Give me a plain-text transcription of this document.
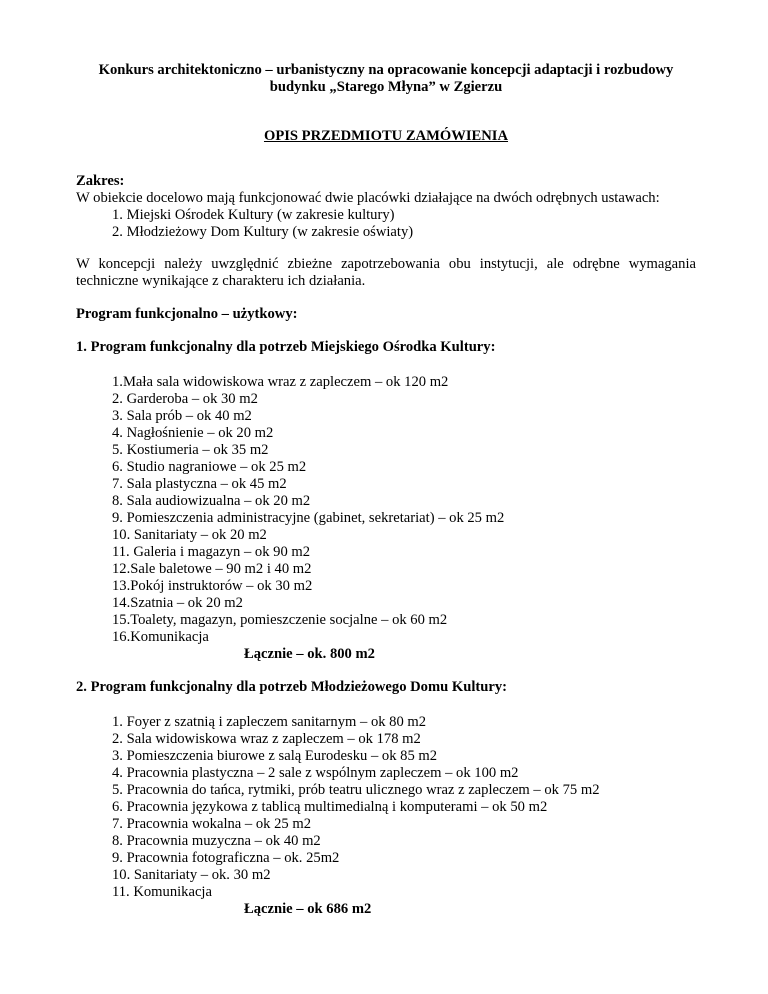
Konkurs architektoniczno – urbanistyczny na opracowanie koncepcji adaptacji i rozbudowy
budynku „Starego Młyna” w Zgierzu

OPIS PRZEDMIOTU ZAMÓWIENIA

Zakres:

W obiekcie docelowo mają funkcjonować dwie placówki działające na dwóch odrębnych ustawach:

1. Miejski Ośrodek Kultury (w zakresie kultury)
2. Młodzieżowy Dom Kultury (w zakresie oświaty)

W koncepcji należy uwzględnić zbieżne zapotrzebowania obu instytucji, ale odrębne wymagania techniczne wynikające z charakteru ich działania.

Program funkcjonalno – użytkowy:

1. Program funkcjonalny dla potrzeb Miejskiego Ośrodka Kultury:

1.Mała sala widowiskowa wraz z zapleczem – ok 120 m2
2. Garderoba – ok 30 m2
3. Sala prób – ok 40 m2
4. Nagłośnienie – ok 20 m2
5. Kostiumeria – ok 35 m2
6. Studio nagraniowe – ok 25 m2
7. Sala plastyczna – ok 45 m2
8. Sala audiowizualna – ok 20 m2
9. Pomieszczenia administracyjne (gabinet, sekretariat) – ok 25 m2
10. Sanitariaty – ok 20 m2
11. Galeria i magazyn – ok 90 m2
12.Sale baletowe – 90 m2 i 40 m2
13.Pokój instruktorów – ok 30 m2
14.Szatnia – ok 20 m2
15.Toalety, magazyn, pomieszczenie socjalne – ok 60 m2
16.Komunikacja

Łącznie – ok. 800 m2

2. Program funkcjonalny dla potrzeb Młodzieżowego Domu Kultury:

1. Foyer z szatnią i zapleczem sanitarnym – ok 80 m2
2. Sala widowiskowa wraz z zapleczem – ok 178 m2
3. Pomieszczenia biurowe z salą Eurodesku – ok 85 m2
4. Pracownia plastyczna – 2 sale z wspólnym zapleczem – ok 100 m2
5. Pracownia do tańca, rytmiki, prób teatru ulicznego wraz z zapleczem – ok 75 m2
6. Pracownia językowa z tablicą multimedialną i komputerami – ok 50 m2
7. Pracownia wokalna – ok 25 m2
8. Pracownia muzyczna – ok 40 m2
9. Pracownia fotograficzna – ok. 25m2
10. Sanitariaty – ok. 30 m2
11. Komunikacja

Łącznie – ok 686 m2
